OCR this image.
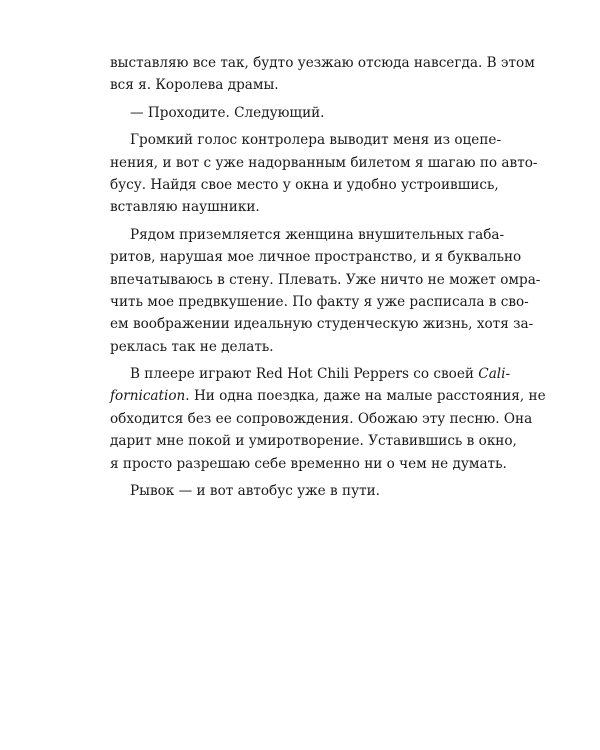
выставляю все так, будто уезжаю отсюда навсегда. В этом
вся я. Королева драмы.
— Проходите. Следующий.
Громкий голос контролера выводит меня из оцепе-
нения, и вот с уже надорванным билетом я шагаю по авто-
бусу. Найдя свое место у окна и удобно устроившись,
вставляю наушники.
Рядом приземляется женщина внушительных габа-
ритов, нарушая мое личное пространство, и я буквально
впечатываюсь в стену. Плевать. Уже ничто не может омра-
чить мое предвкушение. По факту я уже расписала в сво-
ем воображении идеальную студенческую жизнь, хотя за-
реклась так не делать.
В плеере играют Red Hot Chili Peppers со своей Cali-
fornication. Ни одна поездка, даже на малые расстояния, не
обходится без ее сопровождения. Обожаю эту песню. Она
дарит мне покой и умиротворение. Уставившись в окно,
я просто разрешаю себе временно ни о чем не думать.
Рывок — и вот автобус уже в пути.
